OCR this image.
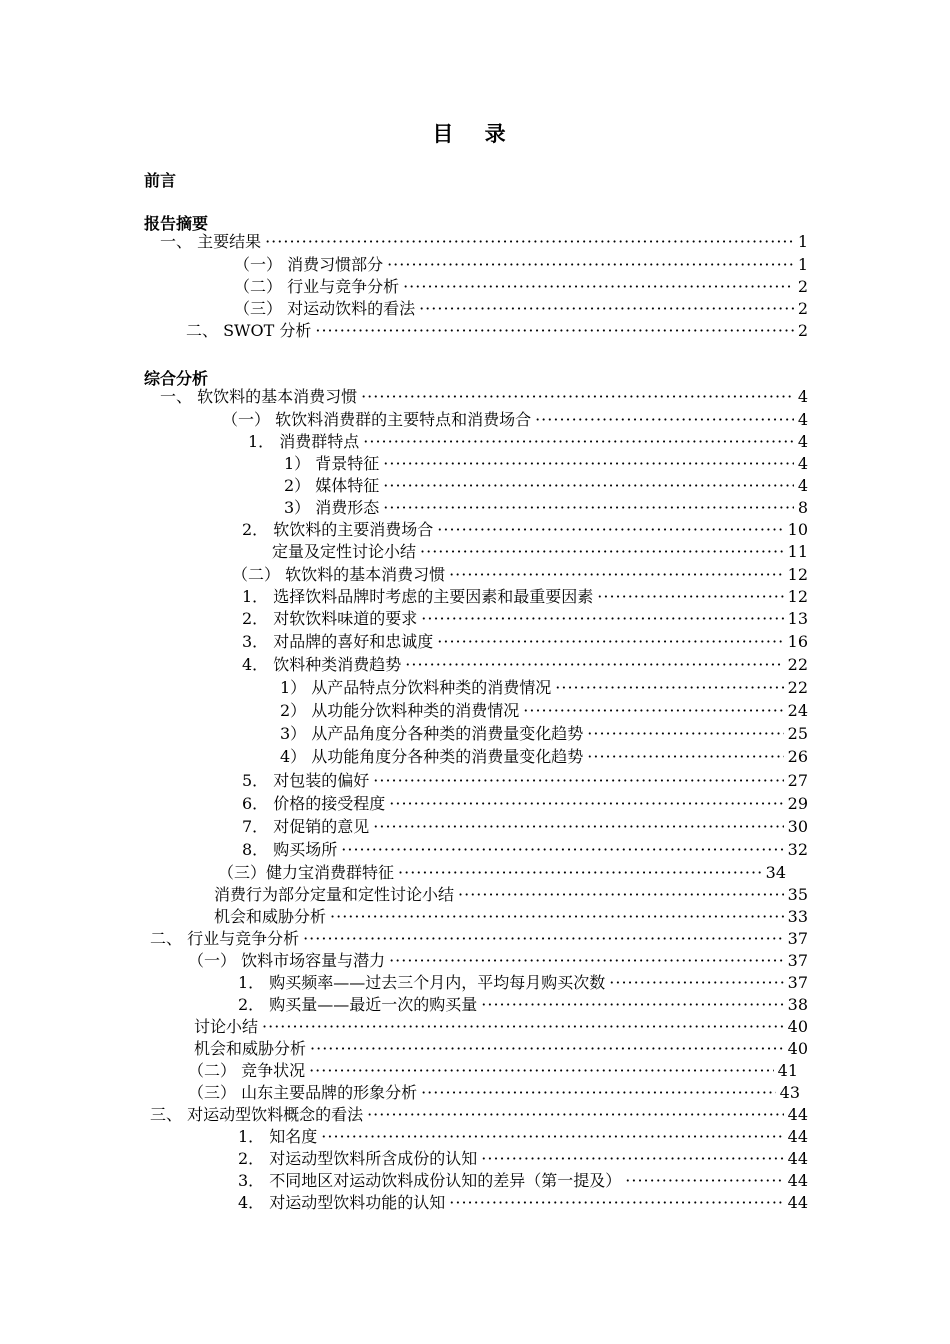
目 录
前言
报告摘要
综合分析
一、 主要结果 ·····	1
（一） 消费习惯部分 ·····	1
（二） 行业与竞争分析 ·····	2
（三） 对运动饮料的看法 ·····	2
二、 SWOT 分析 ·····	2
一、 软饮料的基本消费习惯 ·····	4
（一） 软饮料消费群的主要特点和消费场合 ·····	4
1． 消费群特点 ·····	4
1） 背景特征 ·····	4
2） 媒体特征 ·····	4
3） 消费形态 ·····	8
2． 软饮料的主要消费场合 ·····	10
定量及定性讨论小结 ·····	11
（二） 软饮料的基本消费习惯 ·····	12
1． 选择饮料品牌时考虑的主要因素和最重要因素 ·····	12
2． 对软饮料味道的要求 ·····	13
3． 对品牌的喜好和忠诚度 ·····	16
4． 饮料种类消费趋势 ·····	22
1） 从产品特点分饮料种类的消费情况 ·····	22
2） 从功能分饮料种类的消费情况 ·····	24
3） 从产品角度分各种类的消费量变化趋势 ·····	25
4） 从功能角度分各种类的消费量变化趋势 ·····	26
5． 对包装的偏好 ·····	27
6． 价格的接受程度 ·····	29
7． 对促销的意见 ·····	30
8． 购买场所 ·····	32
（三）健力宝消费群特征 ·····	34
消费行为部分定量和定性讨论小结 ·····	35
机会和威胁分析 ·····	33
二、 行业与竞争分析 ·····	37
（一） 饮料市场容量与潜力 ·····	37
1． 购买频率——过去三个月内，平均每月购买次数 ·····	37
2． 购买量——最近一次的购买量 ·····	38
讨论小结 ·····	40
机会和威胁分析 ·····	40
（二） 竞争状况 ·····	41
（三） 山东主要品牌的形象分析 ·····	43
三、 对运动型饮料概念的看法 ·····	44
1． 知名度 ·····	44
2． 对运动型饮料所含成份的认知 ·····	44
3． 不同地区对运动饮料成份认知的差异（第一提及） ·····	44
4． 对运动型饮料功能的认知 ·····	44
